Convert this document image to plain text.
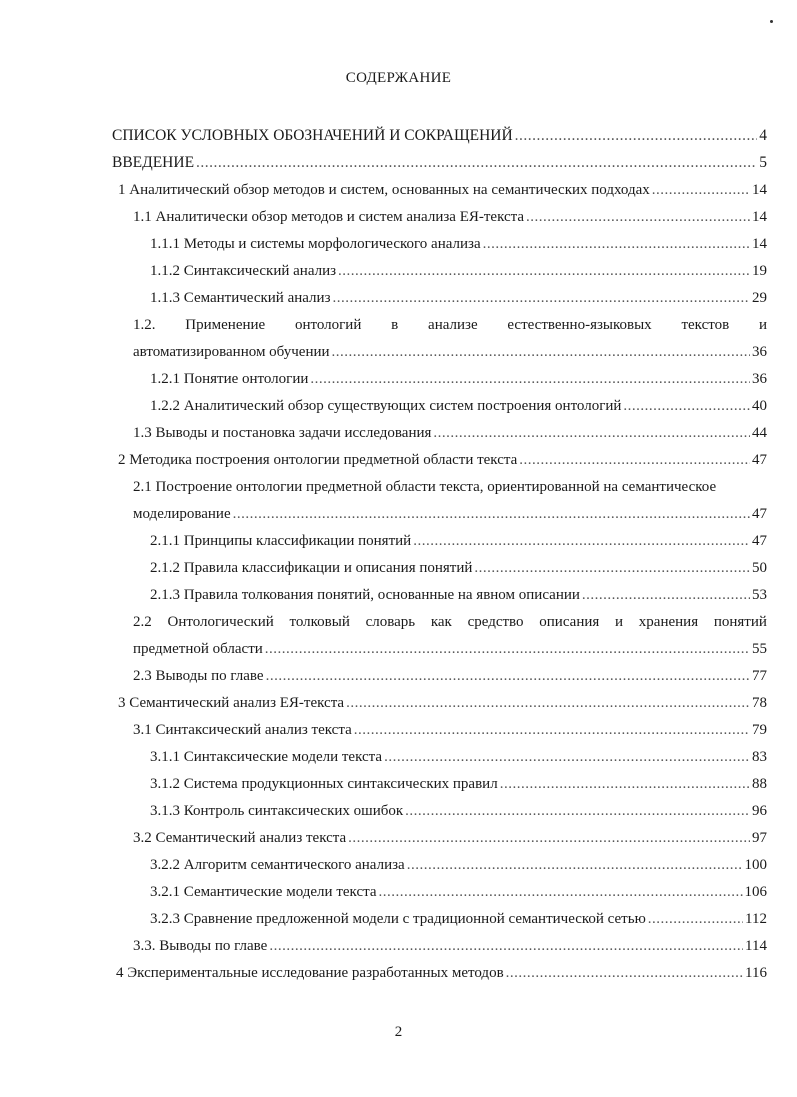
СОДЕРЖАНИЕ
СПИСОК УСЛОВНЫХ ОБОЗНАЧЕНИЙ И СОКРАЩЕНИЙ .....	4
ВВЕДЕНИЕ .....	5
1 Аналитический обзор методов и систем, основанных на семантических подходах .....	14
1.1 Аналитически обзор методов и систем анализа ЕЯ-текста .....	14
1.1.1 Методы и системы морфологического анализа .....	14
1.1.2 Синтаксический анализ .....	19
1.1.3 Семантический анализ .....	29
1.2. Применение онтологий в анализе естественно-языковых текстов и
автоматизированном обучении .....	36
1.2.1 Понятие онтологии .....	36
1.2.2 Аналитический обзор существующих систем построения онтологий .....	40
1.3 Выводы и постановка задачи исследования .....	44
2 Методика построения онтологии предметной области текста .....	47
2.1 Построение онтологии предметной области текста, ориентированной на семантическое
моделирование .....	47
2.1.1 Принципы классификации понятий .....	47
2.1.2 Правила классификации и описания понятий .....	50
2.1.3 Правила толкования понятий, основанные на явном описании .....	53
2.2 Онтологический толковый словарь как средство описания и хранения понятий
предметной области .....	55
2.3 Выводы по главе .....	77
3 Семантический анализ ЕЯ-текста .....	78
3.1 Синтаксический анализ текста .....	79
3.1.1 Синтаксические модели текста .....	83
3.1.2 Система продукционных синтаксических правил .....	88
3.1.3 Контроль синтаксических ошибок .....	96
3.2 Семантический анализ текста .....	97
3.2.2 Алгоритм семантического анализа .....	100
3.2.1 Семантические модели текста .....	106
3.2.3 Сравнение предложенной модели с традиционной семантической сетью .....	112
3.3. Выводы по главе .....	114
4 Экспериментальные исследование разработанных методов .....	116
2
